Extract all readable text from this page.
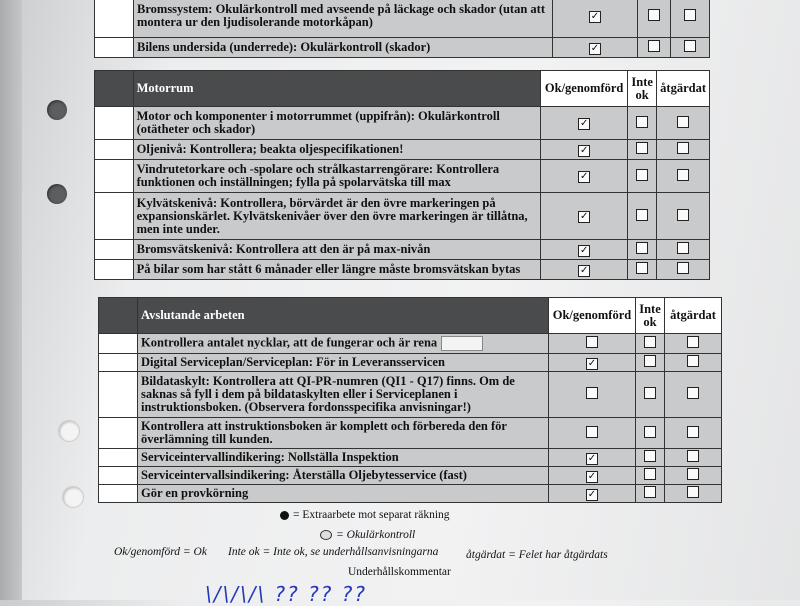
	Bromssystem: Okulärkontroll med avseende på läckage och skador (utan att montera ur den ljudisolerande motorkåpan)	✓		
	Bilens undersida (underrede): Okulärkontroll (skador)	✓		
	Motorrum	Ok/genomförd	Inte ok	åtgärdat
	Motor och komponenter i motorrummet (uppifrån): Okulärkontroll (otätheter och skador)	✓		
	Oljenivå: Kontrollera; beakta oljespecifikationen!	✓		
	Vindrutetorkare och -spolare och strålkastarrengörare: Kontrollera funktionen och inställningen; fylla på spolarvätska till max	✓		
	Kylvätskenivå: Kontrollera, börvärdet är den övre markeringen på expansionskärlet. Kylvätskenivåer över den övre markeringen är tillåtna, men inte under.	✓		
	Bromsvätskenivå: Kontrollera att den är på max-nivån	✓		
	På bilar som har stått 6 månader eller längre måste bromsvätskan bytas	✓		
	Avslutande arbeten	Ok/genomförd	Inte ok	åtgärdat
	Kontrollera antalet nycklar, att de fungerar och är rena			
	Digital Serviceplan/Serviceplan: För in Leveransservicen	✓		
	Bildataskylt: Kontrollera att QI-PR-numren (QI1 - Q17) finns. Om de saknas så fyll i dem på bildataskylten eller i Serviceplanen i instruktionsboken. (Observera fordonsspecifika anvisningar!)			
	Kontrollera att instruktionsboken är komplett och förbereda den för överlämning till kunden.			
	Serviceintervallindikering: Nollställa Inspektion	✓		
	Serviceintervallsindikering: Återställa Oljebytesservice (fast)	✓		
	Gör en provkörning	✓		
= Extraarbete mot separat räkning
= Okulärkontroll
Ok/genomförd = Ok Inte ok = Inte ok, se underhållsanvisningarna åtgärdat = Felet har åtgärdats
Underhållskommentar
\/\/\/\ ?? ?? ??
